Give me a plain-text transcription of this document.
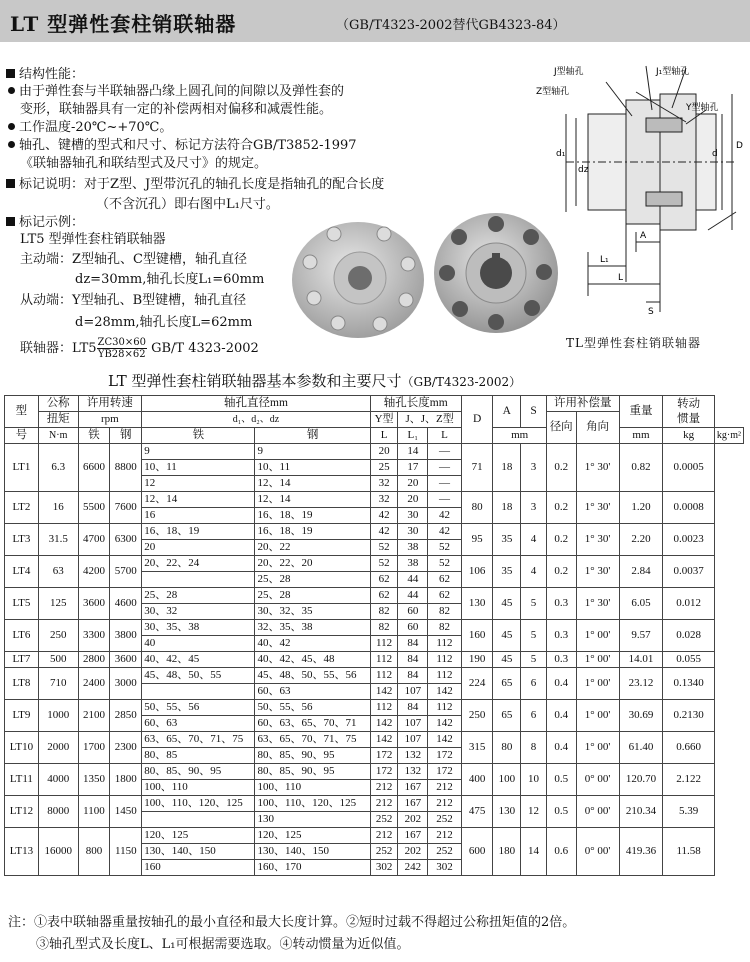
LT 型弹性套柱销联轴器	（GB/T4323-2002替代GB4323-84）
结构性能：
由于弹性套与半联轴器凸缘上圆孔间的间隙以及弹性套的
变形，联轴器具有一定的补偿两相对偏移和减震性能。
工作温度-20℃~+70℃。
轴孔、键槽的型式和尺寸、标记方法符合GB/T3852-1997
《联轴器轴孔和联结型式及尺寸》的规定。
标记说明：对于Z型、J型带沉孔的轴孔长度是指轴孔的配合长度
（不含沉孔）即右图中L₁尺寸。
标记示例：
LT5 型弹性套柱销联轴器
主动端：Z型轴孔、C型键槽，轴孔直径
dz=30mm,轴孔长度L₁=60mm
从动端：Y型轴孔、B型键槽，轴孔直径
d=28mm,轴孔长度L=62mm
联轴器：$LT5 \frac{ZC30\times 60}{YB28\times 62} GB/T$ 4323-2002
J型轴孔	J₁型轴孔
Z型轴孔
Y型轴孔
d₁
dz
d
D
A
L₁
L
S
TL型弹性套柱销联轴器
LT 型弹性套柱销联轴器基本参数和主要尺寸（GB/T4323-2002）
型	公称	许用转速		轴孔直径mm		轴孔长度mm			D	A	S	许用补偿量		重量	转动
惯量	

	扭矩	rpm		d₁、d₂、dz		Y型	J、J、Z型					径向	角向			
号	N·m	铁	钢	铁	钢	L	L₁	L		mm				mm	kg	kg·m²
LT1	6.3	6600	8800	9	9	20	14	—	71	18	3	0.2	1° 30'	0.82	0.0005	
				10、11	10、11	25	17	—								
				12	12、14	32	20	—								
LT2	16	5500	7600	12、14	12、14	32	20	—	80	18	3	0.2	1° 30'	1.20	0.0008	
				16	16、18、19	42	30	42								
LT3	31.5	4700	6300	16、18、19	16、18、19	42	30	42	95	35	4	0.2	1° 30'	2.20	0.0023	
				20	20、22	52	38	52								
LT4	63	4200	5700	20、22、24	20、22、20	52	38	52	106	35	4	0.2	1° 30'	2.84	0.0037	
					25、28	62	44	62								
LT5	125	3600	4600	25、28	25、28	62	44	62	130	45	5	0.3	1° 30'	6.05	0.012	
				30、32	30、32、35	82	60	82								
LT6	250	3300	3800	30、35、38	32、35、38	82	60	82	160	45	5	0.3	1° 00'	9.57	0.028	
				40	40、42	112	84	112								
LT7	500	2800	3600	40、42、45	40、42、45、48	112	84	112	190	45	5	0.3	1° 00'	14.01	0.055	
LT8	710	2400	3000	45、48、50、55	45、48、50、55、56	112	84	112	224	65	6	0.4	1° 00'	23.12	0.1340	
					60、63	142	107	142								
LT9	1000	2100	2850	50、55、56	50、55、56	112	84	112	250	65	6	0.4	1° 00'	30.69	0.2130	
				60、63	60、63、65、70、71	142	107	142								
LT10	2000	1700	2300	63、65、70、71、75	63、65、70、71、75	142	107	142	315	80	8	0.4	1° 00'	61.40	0.660	
				80、85	80、85、90、95	172	132	172								
LT11	4000	1350	1800	80、85、90、95	80、85、90、95	172	132	172	400	100	10	0.5	0° 00'	120.70	2.122	
				100、110	100、110	212	167	212								
LT12	8000	1100	1450	100、110、120、125	100、110、120、125	212	167	212	475	130	12	0.5	0° 00'	210.34	5.39	
					130	252	202	252								
LT13	16000	800	1150	120、125	120、125	212	167	212	600	180	14	0.6	0° 00'	419.36	11.58	
				130、140、150	130、140、150	252	202	252								
				160	160、170	302	242	302								
注：①表中联轴器重量按轴孔的最小直径和最大长度计算。②短时过载不得超过公称扭矩值的2倍。
③轴孔型式及长度L、L₁可根据需要选取。④转动惯量为近似值。
